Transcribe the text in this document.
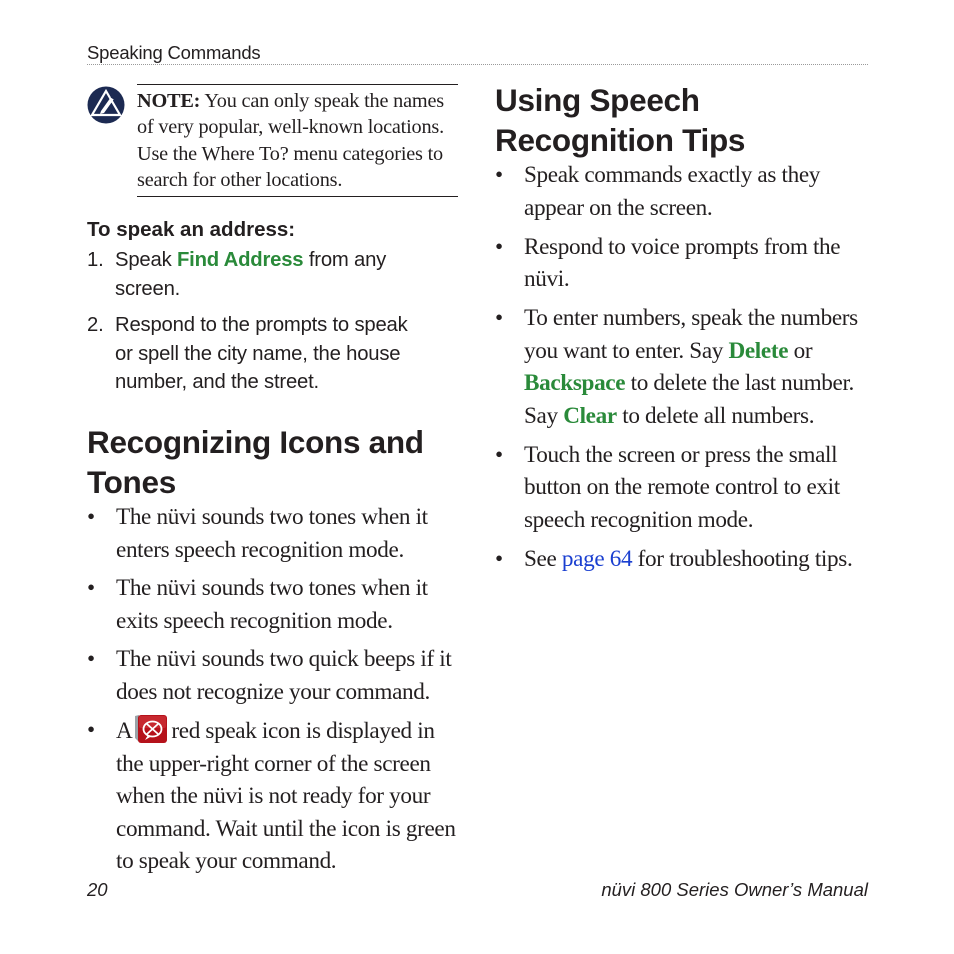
Speaking Commands
NOTE: You can only speak the names of very popular, well-known locations. Use the Where To? menu categories to search for other locations.
To speak an address:
1. Speak Find Address from any screen.
2. Respond to the prompts to speak or spell the city name, the house number, and the street.
Recognizing Icons and Tones
• The nüvi sounds two tones when it enters speech recognition mode.
• The nüvi sounds two tones when it exits speech recognition mode.
• The nüvi sounds two quick beeps if it does not recognize your command.
• A red speak icon is displayed in the upper-right corner of the screen when the nüvi is not ready for your command. Wait until the icon is green to speak your command.
Using Speech Recognition Tips
• Speak commands exactly as they appear on the screen.
• Respond to voice prompts from the nüvi.
• To enter numbers, speak the numbers you want to enter. Say Delete or Backspace to delete the last number. Say Clear to delete all numbers.
• Touch the screen or press the small button on the remote control to exit speech recognition mode.
• See page 64 for troubleshooting tips.
20	nüvi 800 Series Owner’s Manual
